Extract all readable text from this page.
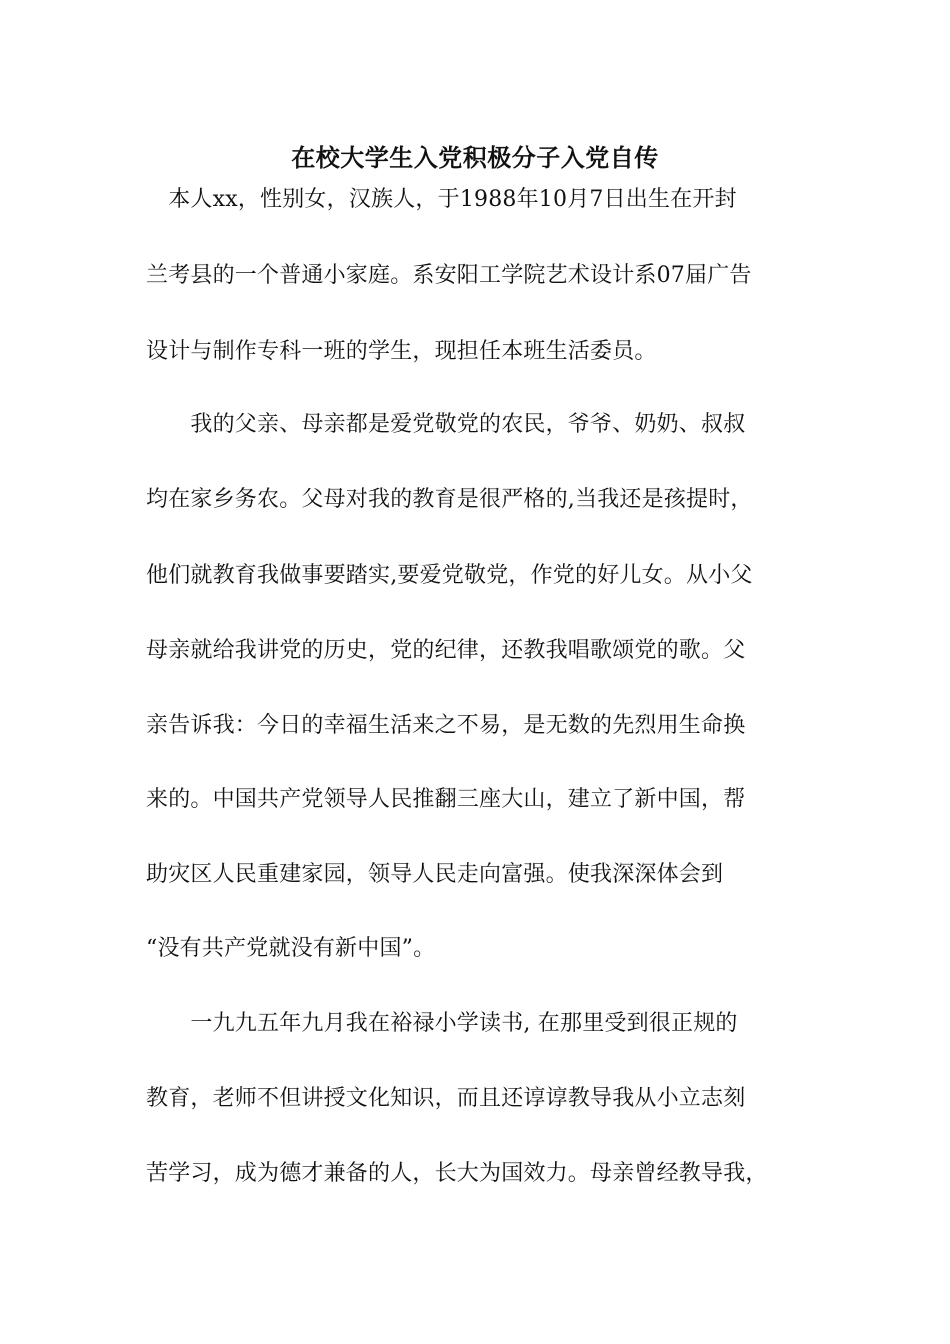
在校大学生入党积极分子入党自传

　本人xx，性别女，汉族人，于1988年10月7日出生在开封

兰考县的一个普通小家庭。系安阳工学院艺术设计系07届广告

设计与制作专科一班的学生，现担任本班生活委员。

　　我的父亲、母亲都是爱党敬党的农民，爷爷、奶奶、叔叔

均在家乡务农。父母对我的教育是很严格的,当我还是孩提时，

他们就教育我做事要踏实,要爱党敬党，作党的好儿女。从小父

母亲就给我讲党的历史，党的纪律，还教我唱歌颂党的歌。父

亲告诉我：今日的幸福生活来之不易，是无数的先烈用生命换

来的。中国共产党领导人民推翻三座大山，建立了新中国，帮

助灾区人民重建家园，领导人民走向富强。使我深深体会到

“没有共产党就没有新中国”。

　　一九九五年九月我在裕禄小学读书, 在那里受到很正规的

教育，老师不但讲授文化知识，而且还谆谆教导我从小立志刻

苦学习，成为德才兼备的人，长大为国效力。母亲曾经教导我，
